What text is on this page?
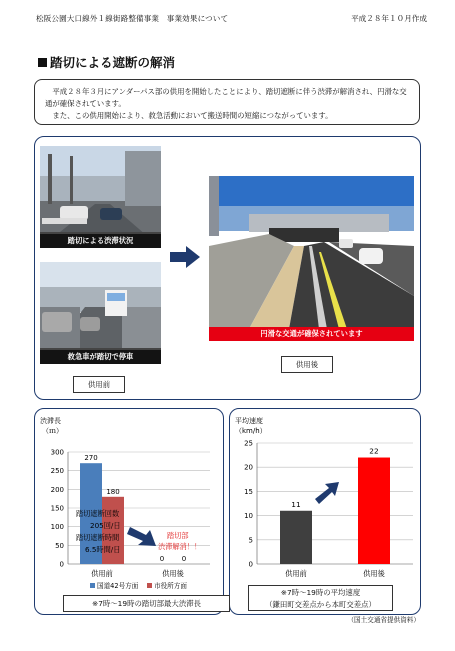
松阪公園大口線外１線街路整備事業　事業効果について	平成２８年１０月作成
踏切による遮断の解消

平成２８年３月にアンダーパス部の供用を開始したことにより、踏切遮断に伴う渋滞が解消され、円滑な交通が確保されています。

また、この供用開始により、救急活動において搬送時間の短縮につながっています。

踏切による渋滞状況
救急車が踏切で停車
円滑な交通が確保されています
供用前
供用後
渋滞長
（ｍ）
0
50
100
150
200
250
300
270
180
供用前
0	0
供用後
踏切遮断回数
205回/日
踏切遮断時間
6.5時間/日
踏切部
渋滞解消！！
国道42号方面 市役所方面
※7時～19時の踏切部最大渋滞長
平均速度
（km/h）
0
5
10
15
20
25
11
供用前
22
供用後
※7時～19時の平均速度
（鎌田町交差点から本町交差点）
（国土交通省提供資料）
